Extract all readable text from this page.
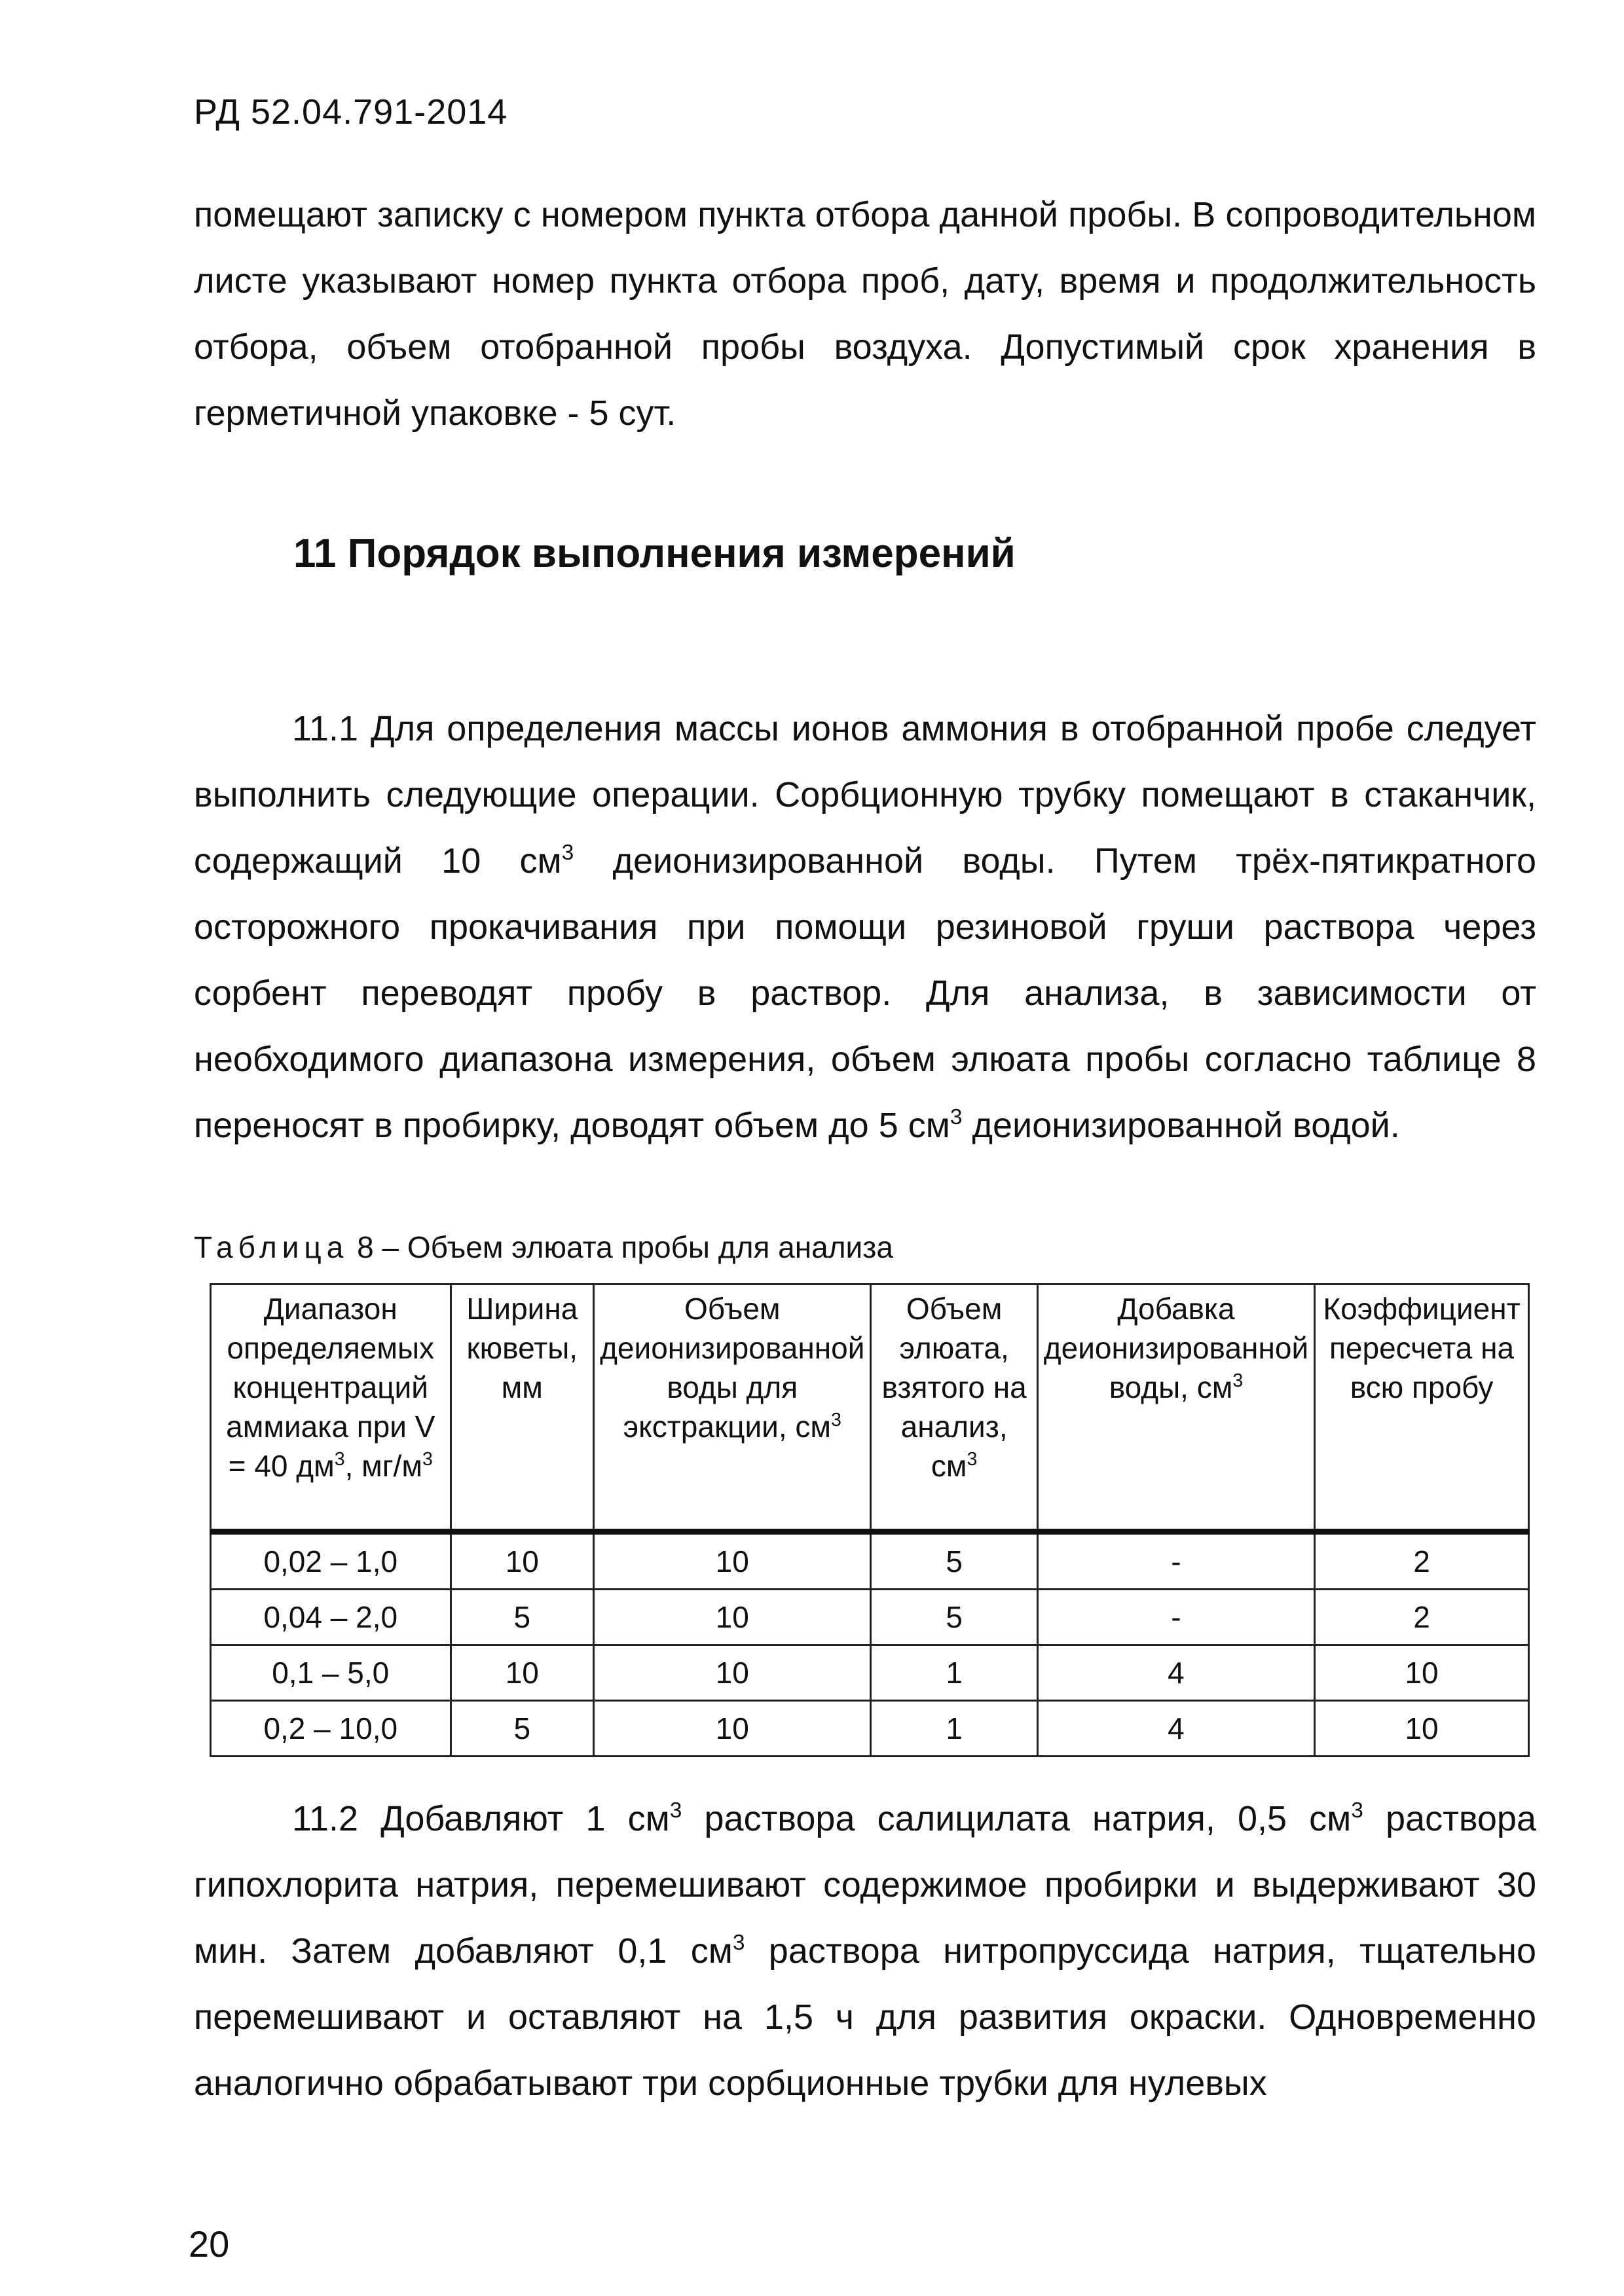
РД 52.04.791-2014

помещают записку с номером пункта отбора данной пробы. В сопроводительном листе указывают номер пункта отбора проб, дату, время и продолжительность отбора, объем отобранной пробы воздуха. Допустимый срок хранения в герметичной упаковке - 5 сут.

11 Порядок выполнения измерений

11.1 Для определения массы ионов аммония в отобранной пробе следует выполнить следующие операции. Сорбционную трубку помещают в стаканчик, содержащий 10 $см^3$ деионизированной воды. Путем трёх-пятикратного осторожного прокачивания при помощи резиновой груши раствора через сорбент переводят пробу в раствор. Для анализа, в зависимости от необходимого диапазона измерения, объем элюата пробы согласно таблице 8 переносят в пробирку, доводят объем до 5 $см^3$ деионизированной водой.

Таблица 8 – Объем элюата пробы для анализа
Диапазон определяемых концентраций аммиака при V = 40 $дм^3$, $мг/м^3$	Ширина кюветы, мм	Объем деионизированной воды для экстракции, $см^3$	Объем элюата, взятого на анализ, $см^3$	Добавка деионизированной воды, $см^3$	Коэффициент пересчета на всю пробу
0,02 – 1,0	10	10	5	-	2
0,04 – 2,0	5	10	5	-	2
0,1 – 5,0	10	10	1	4	10
0,2 – 10,0	5	10	1	4	10

11.2 Добавляют 1 $см^3$ раствора салицилата натрия, 0,5 $см^3$ раствора гипохлорита натрия, перемешивают содержимое пробирки и выдерживают 30 мин. Затем добавляют 0,1 $см^3$ раствора нитропруссида натрия, тщательно перемешивают и оставляют на 1,5 ч для развития окраски. Одновременно аналогично обрабатывают три сорбционные трубки для нулевых

20
